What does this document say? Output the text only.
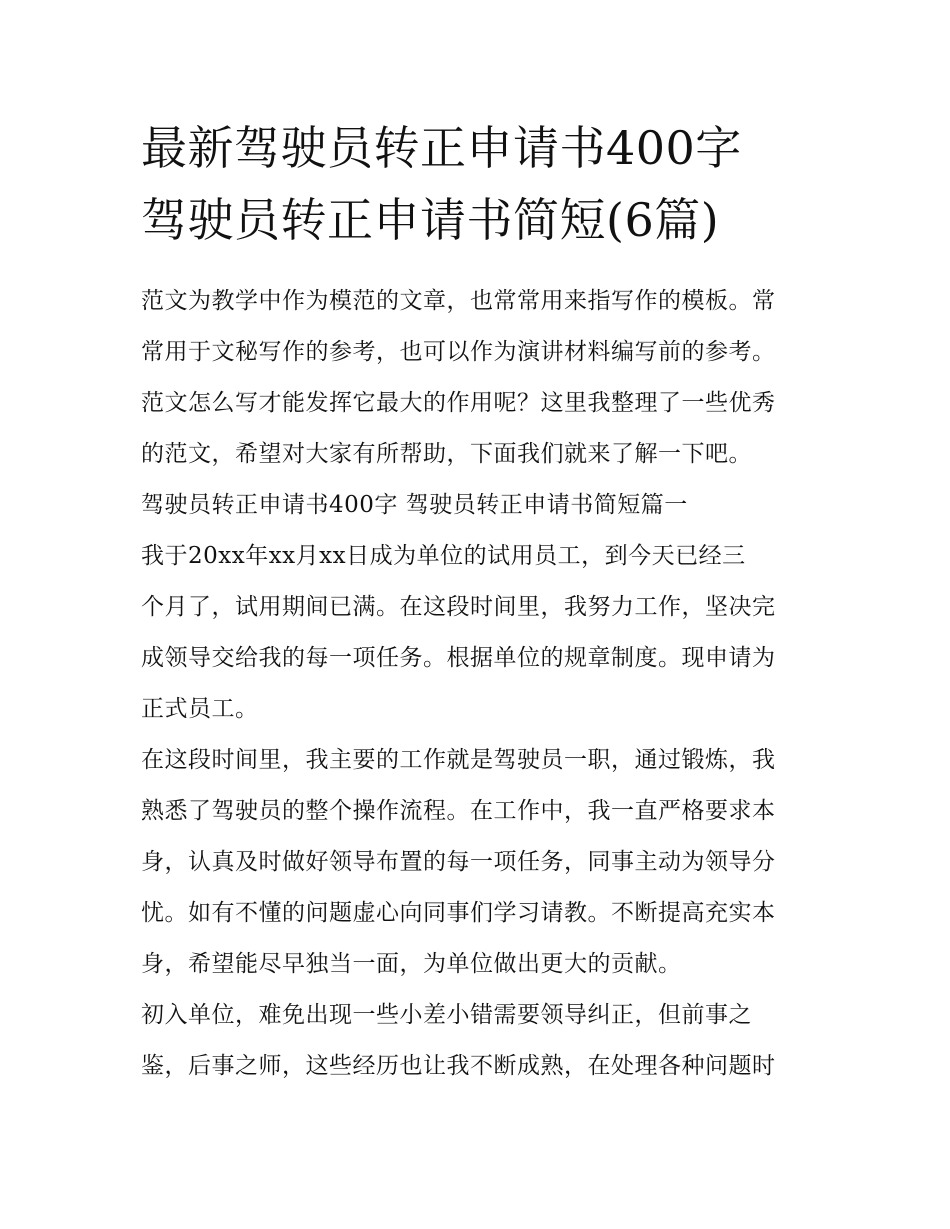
最新驾驶员转正申请书400字
驾驶员转正申请书简短(6篇)
范文为教学中作为模范的文章，也常常用来指写作的模板。常
常用于文秘写作的参考，也可以作为演讲材料编写前的参考。
范文怎么写才能发挥它最大的作用呢？这里我整理了一些优秀
的范文，希望对大家有所帮助，下面我们就来了解一下吧。
驾驶员转正申请书400字 驾驶员转正申请书简短篇一
我于20xx年xx月xx日成为单位的试用员工，到今天已经三
个月了，试用期间已满。在这段时间里，我努力工作，坚决完
成领导交给我的每一项任务。根据单位的规章制度。现申请为
正式员工。
在这段时间里，我主要的工作就是驾驶员一职，通过锻炼，我
熟悉了驾驶员的整个操作流程。在工作中，我一直严格要求本
身，认真及时做好领导布置的每一项任务，同事主动为领导分
忧。如有不懂的问题虚心向同事们学习请教。不断提高充实本
身，希望能尽早独当一面，为单位做出更大的贡献。
初入单位，难免出现一些小差小错需要领导纠正，但前事之
鉴，后事之师，这些经历也让我不断成熟，在处理各种问题时
